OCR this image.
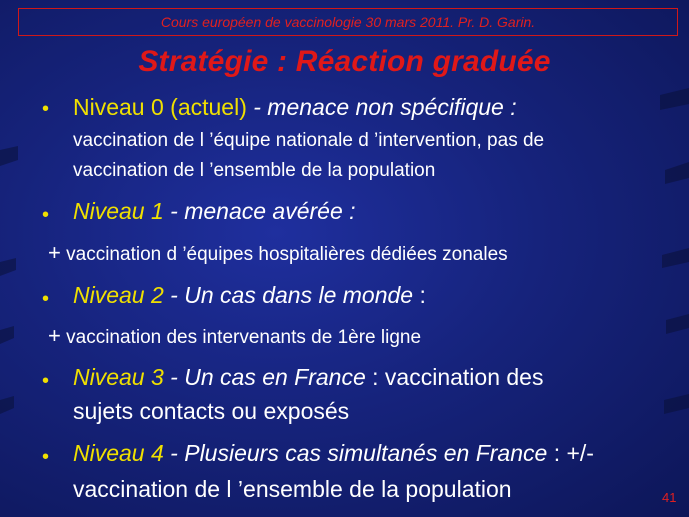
Cours européen de vaccinologie 30 mars 2011. Pr. D. Garin.
Stratégie : Réaction graduée
• Niveau 0 (actuel) - menace non spécifique :
vaccination de l ’équipe nationale d ’intervention, pas de
vaccination de l ’ensemble de la population
• Niveau 1 - menace avérée :
+ vaccination d ’équipes hospitalières dédiées zonales
• Niveau 2 - Un cas dans le monde :
+ vaccination des intervenants de 1ère ligne
• Niveau 3 - Un cas en France : vaccination des
sujets contacts ou exposés
• Niveau 4 - Plusieurs cas simultanés en France : +/-
vaccination de l ’ensemble de la population	41
